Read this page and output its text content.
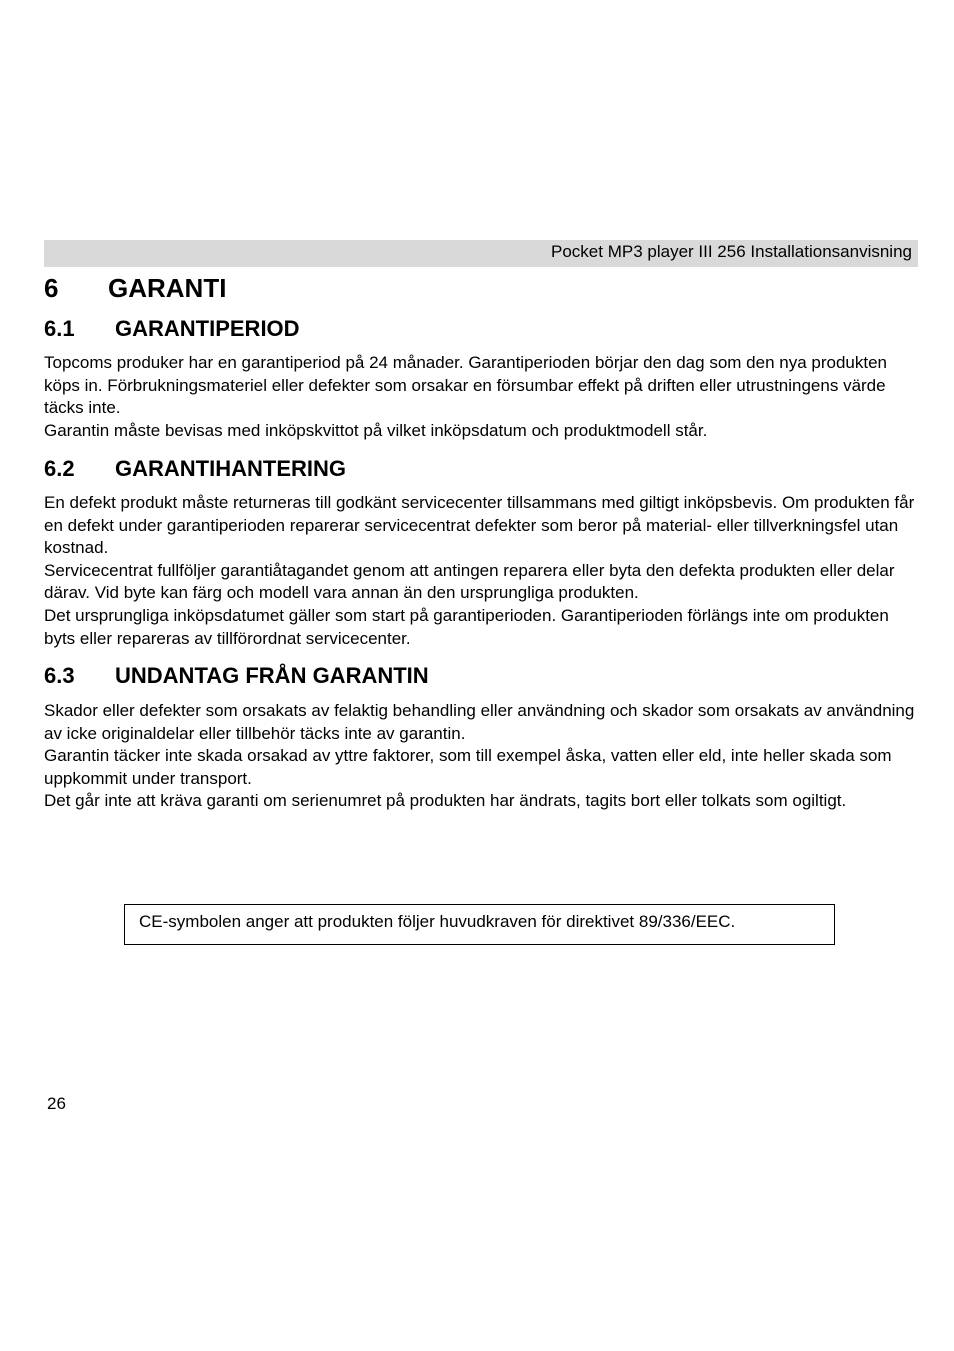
Pocket MP3 player III 256 Installationsanvisning
6 GARANTI
6.1 GARANTIPERIOD

Topcoms produker har en garantiperiod på 24 månader. Garantiperioden börjar den dag som den nya produkten köps in. Förbrukningsmateriel eller defekter som orsakar en försumbar effekt på driften eller utrustningens värde täcks inte.

Garantin måste bevisas med inköpskvittot på vilket inköpsdatum och produktmodell står.

6.2 GARANTIHANTERING

En defekt produkt måste returneras till godkänt servicecenter tillsammans med giltigt inköpsbevis. Om produkten får en defekt under garantiperioden reparerar servicecentrat defekter som beror på material- eller tillverkningsfel utan kostnad.

Servicecentrat fullföljer garantiåtagandet genom att antingen reparera eller byta den defekta produkten eller delar därav. Vid byte kan färg och modell vara annan än den ursprungliga produkten.

Det ursprungliga inköpsdatumet gäller som start på garantiperioden. Garantiperioden förlängs inte om produkten byts eller repareras av tillförordnat servicecenter.

6.3 UNDANTAG FRÅN GARANTIN

Skador eller defekter som orsakats av felaktig behandling eller användning och skador som orsakats av användning av icke originaldelar eller tillbehör täcks inte av garantin.

Garantin täcker inte skada orsakad av yttre faktorer, som till exempel åska, vatten eller eld, inte heller skada som uppkommit under transport.

Det går inte att kräva garanti om serienumret på produkten har ändrats, tagits bort eller tolkats som ogiltigt.

CE-symbolen anger att produkten följer huvudkraven för direktivet 89/336/EEC.
26
